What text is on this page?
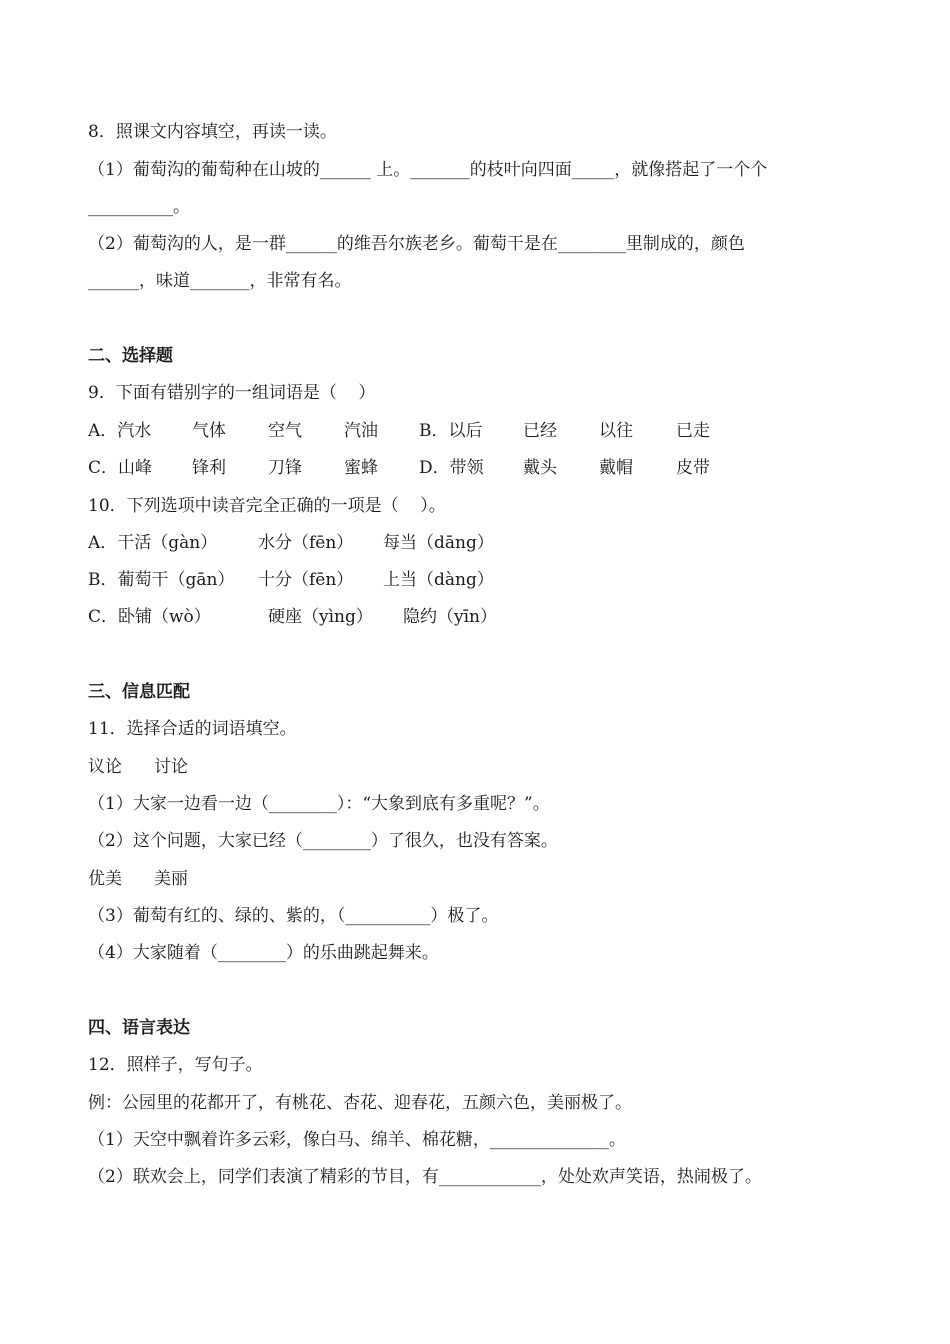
8．照课文内容填空，再读一读。
（1）葡萄沟的葡萄种在山坡的______ 上。_______的枝叶向四面_____，就像搭起了一个个
__________。
（2）葡萄沟的人，是一群______的维吾尔族老乡。葡萄干是在________里制成的，颜色
______，味道_______，非常有名。
二、选择题
9．下面有错别字的一组词语是（    ）
A．汽水 气体 空气 汽油 B．以后 已经 以往	已走
C．山峰 锋利 刀锋 蜜蜂 D．带领 戴头 戴帽	皮带
10．下列选项中读音完全正确的一项是（    ）。
A．干活（gàn） 水分（fēn） 每当（dāng）
B．葡萄干（gān） 十分（fēn） 上当（dàng）
C．卧铺（wò）	硬座（yìng） 隐约（yīn）
三、信息匹配
11．选择合适的词语填空。
议论 讨论
（1）大家一边看一边（________）：“大象到底有多重呢？”。
（2）这个问题，大家已经（________）了很久，也没有答案。
优美 美丽
（3）葡萄有红的、绿的、紫的，（__________）极了。
（4）大家随着（________）的乐曲跳起舞来。
四、语言表达
12．照样子，写句子。
例：公园里的花都开了，有桃花、杏花、迎春花，五颜六色，美丽极了。
（1）天空中飘着许多云彩，像白马、绵羊、棉花糖，______________。
（2）联欢会上，同学们表演了精彩的节目，有____________，处处欢声笑语，热闹极了。
